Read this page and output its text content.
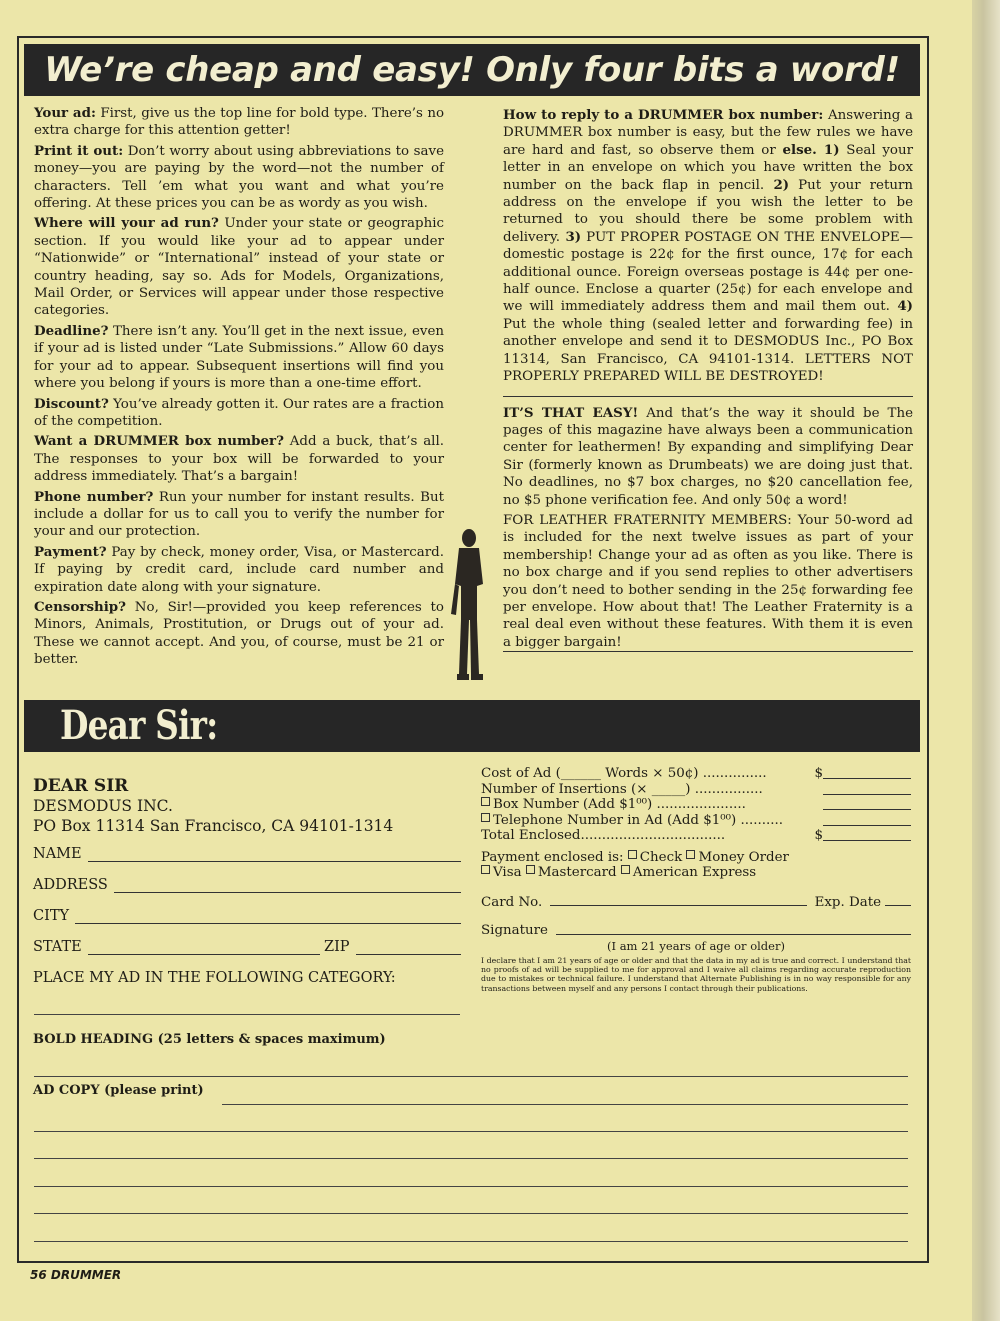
We’re cheap and easy! Only four bits a word!

Your ad: First, give us the top line for bold type. There’s no extra charge for this attention getter!

Print it out: Don’t worry about using abbreviations to save money—you are paying by the word—not the number of characters. Tell ’em what you want and what you’re offering. At these prices you can be as wordy as you wish.

Where will your ad run? Under your state or geographic section. If you would like your ad to appear under “Nationwide” or “International” instead of your state or country heading, say so. Ads for Models, Organizations, Mail Order, or Services will appear under those respective categories.

Deadline? There isn’t any. You’ll get in the next issue, even if your ad is listed under “Late Submissions.” Allow 60 days for your ad to appear. Subsequent insertions will find you where you belong if yours is more than a one-time effort.

Discount? You’ve already gotten it. Our rates are a fraction of the competition.

Want a DRUMMER box number? Add a buck, that’s all. The responses to your box will be forwarded to your address immediately. That’s a bargain!

Phone number? Run your number for instant results. But include a dollar for us to call you to verify the number for your and our protection.

Payment? Pay by check, money order, Visa, or Mastercard. If paying by credit card, include card number and expiration date along with your signature.

Censorship? No, Sir!—provided you keep references to Minors, Animals, Prostitution, or Drugs out of your ad. These we cannot accept. And you, of course, must be 21 or better.

How to reply to a DRUMMER box number: Answering a DRUMMER box number is easy, but the few rules we have are hard and fast, so observe them or else. 1) Seal your letter in an envelope on which you have written the box number on the back flap in pencil. 2) Put your return address on the envelope if you wish the letter to be returned to you should there be some problem with delivery. 3) PUT PROPER POSTAGE ON THE ENVELOPE—domestic postage is 22¢ for the first ounce, 17¢ for each additional ounce. Foreign overseas postage is 44¢ per one-half ounce. Enclose a quarter (25¢) for each envelope and we will immediately address them and mail them out. 4) Put the whole thing (sealed letter and forwarding fee) in another envelope and send it to DESMODUS Inc., PO Box 11314, San Francisco, CA 94101-1314. LETTERS NOT PROPERLY PREPARED WILL BE DESTROYED!

IT’S THAT EASY! And that’s the way it should be The pages of this magazine have always been a communication center for leathermen! By expanding and simplifying Dear Sir (formerly known as Drumbeats) we are doing just that. No deadlines, no $7 box charges, no $20 cancellation fee, no $5 phone verification fee. And only 50¢ a word!

FOR LEATHER FRATERNITY MEMBERS: Your 50-word ad is included for the next twelve issues as part of your membership! Change your ad as often as you like. There is no box charge and if you send replies to other advertisers you don’t need to bother sending in the 25¢ forwarding fee per envelope. How about that! The Leather Fraternity is a real deal even without these features. With them it is even a bigger bargain!

Dear Sir:
DEAR SIR
DESMODUS INC.
PO Box 11314 San Francisco, CA 94101-1314
NAME
ADDRESS
CITY
STATE	ZIP
PLACE MY AD IN THE FOLLOWING CATEGORY:
BOLD HEADING (25 letters & spaces maximum)
AD COPY (please print)
Cost of Ad (______ Words × 50¢) ...............	$
Number of Insertions (× _____) ................
Box Number (Add $1⁰⁰) .....................
Telephone Number in Ad (Add $1⁰⁰) ..........
Total Enclosed..................................	$
Payment enclosed is:
Check
Money Order
Visa
Mastercard
American Express
Card No.	Exp. Date
Signature
(I am 21 years of age or older)
I declare that I am 21 years of age or older and that the data in my ad is true and correct. I understand that no proofs of ad will be supplied to me for approval and I waive all claims regarding accurate reproduction due to mistakes or technical failure. I understand that Alternate Publishing is in no way responsible for any transactions between myself and any persons I contact through their publications.
56 DRUMMER
